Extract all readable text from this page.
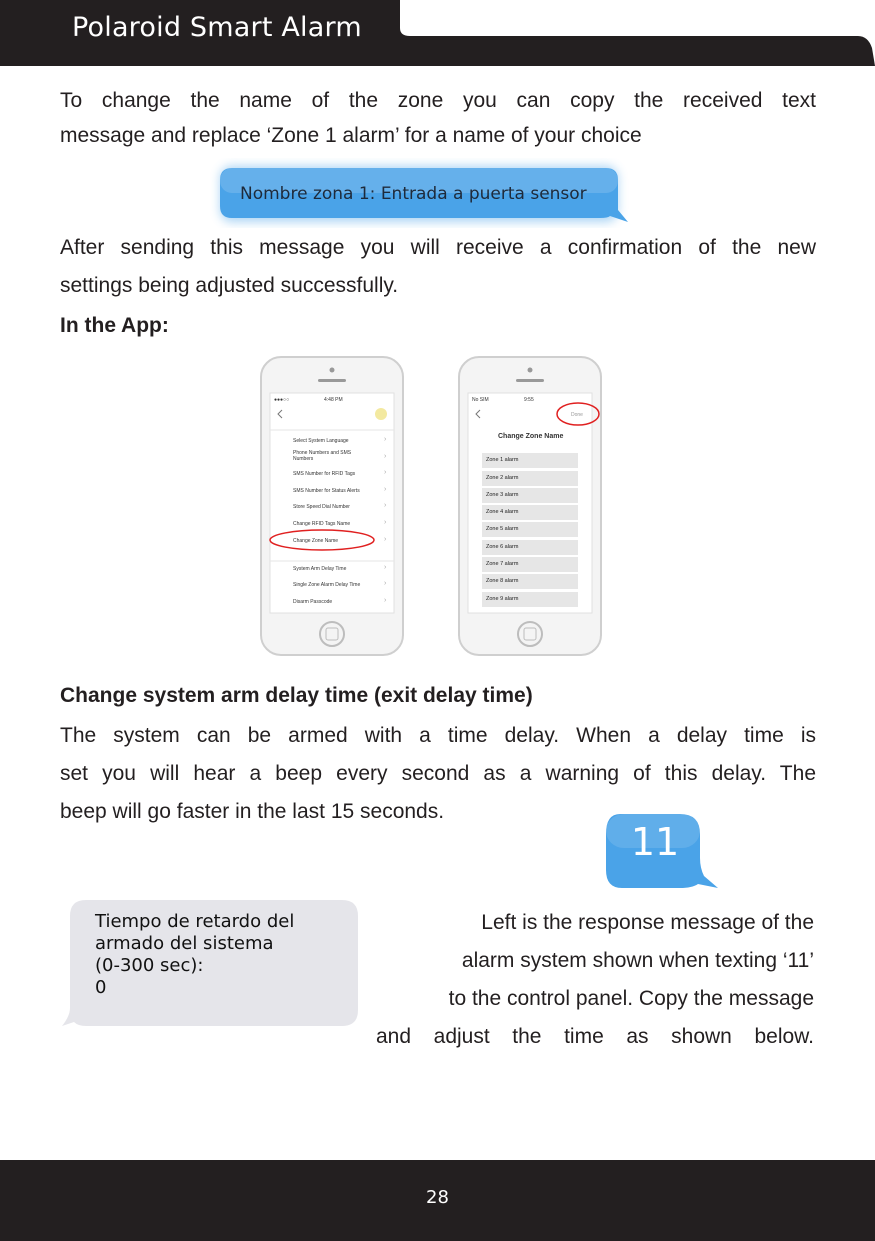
Polaroid Smart Alarm

To change the name of the zone you can copy the received text

message and replace ‘Zone 1 alarm’ for a name of your choice

Nombre zona 1: Entrada a puerta sensor

After sending this message you will receive a confirmation of the new

settings being adjusted successfully.

In the App:

●●●○○	4:48 PM
Select System Language
Phone Numbers and SMS Numbers
SMS Number for RFID Tags
SMS Number for Status Alerts
Store Speed Dial Number
Change RFID Tags Name
Change Zone Name
System Arm Delay Time
Single Zone Alarm Delay Time
Disarm Passcode
›
›
›
›
›
›
›
›
›
›
No SIM	9:55
Done
Change Zone Name
Zone 1 alarm
Zone 2 alarm
Zone 3 alarm
Zone 4 alarm
Zone 5 alarm
Zone 6 alarm
Zone 7 alarm
Zone 8 alarm
Zone 9 alarm

Change system arm delay time (exit delay time)

The system can be armed with a time delay. When a delay time is

set you will hear a beep every second as a warning of this delay. The

beep will go faster in the last 15 seconds.

11
Tiempo de retardo del
armado del sistema
(0-300 sec):
0
Left is the response message of the
alarm system shown when texting ‘11’
to the control panel. Copy the message
and adjust the time as shown below.
28
